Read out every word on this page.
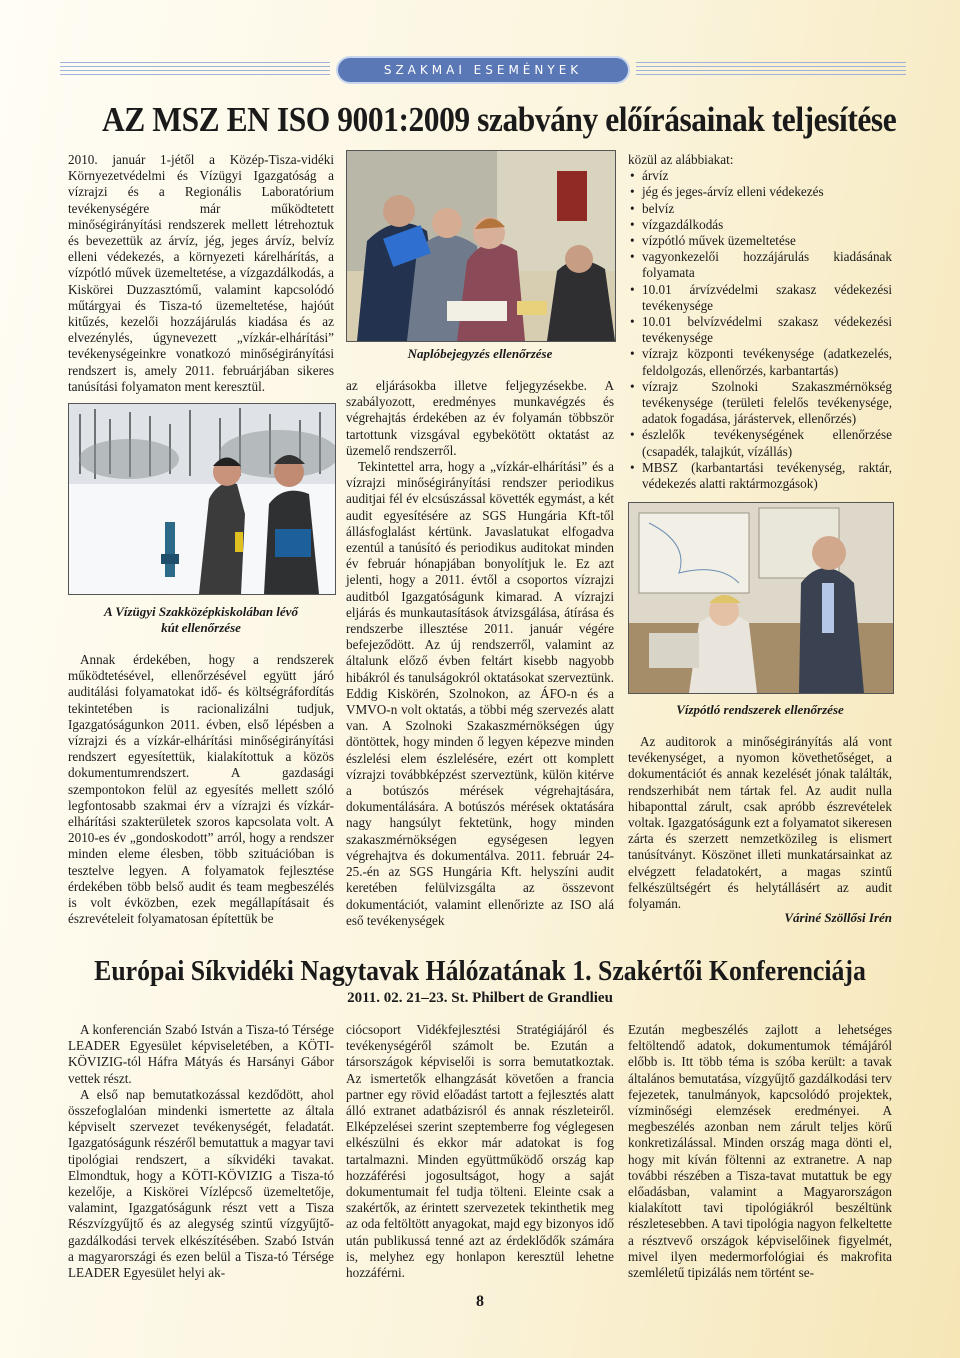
SZAKMAI ESEMÉNYEK
AZ MSZ EN ISO 9001:2009 szabvány előírásainak teljesítése

2010. január 1-jétől a Közép-Tisza-vidéki Környezetvédelmi és Vízügyi Igazgatóság a vízrajzi és a Regionális Laboratórium tevékenységére már működtetett minőségirányítási rendszerek mellett létrehoztuk és bevezettük az árvíz, jég, jeges árvíz, belvíz elleni védekezés, a környezeti kárelhárítás, a vízpótló művek üzemeltetése, a vízgazdálkodás, a Kiskörei Duzzasztómű, valamint kapcsolódó műtárgyai és Tisza-tó üzemeltetése, hajóút kitűzés, kezelői hozzájárulás kiadása és az elvezénylés, úgynevezett „vízkár-elhárítási” tevékenységeinkre vonatkozó minőségirányítási rendszert is, amely 2011. februárjában sikeres tanúsítási folyamaton ment keresztül.

A Vízügyi Szakközépkiskolában lévő
kút ellenőrzése

Annak érdekében, hogy a rendszerek működtetésével, ellenőrzésével együtt járó auditálási folyamatokat idő- és költségráfordítás tekintetében is racionalizálni tudjuk, Igazgatóságunkon 2011. évben, első lépésben a vízrajzi és a vízkár-elhárítási minőségirányítási rendszert egyesítettük, kialakítottuk a közös dokumentumrendszert. A gazdasági szempontokon felül az egyesítés mellett szóló legfontosabb szakmai érv a vízrajzi és vízkár-elhárítási szakterületek szoros kapcsolata volt. A 2010-es év „gondoskodott” arról, hogy a rendszer minden eleme élesben, több szituációban is tesztelve legyen. A folyamatok fejlesztése érdekében több belső audit és team megbeszélés is volt évközben, ezek megállapításait és észrevételeit folyamatosan építettük be

Naplóbejegyzés ellenőrzése

az eljárásokba illetve feljegyzésekbe. A szabályozott, eredményes munkavégzés és végrehajtás érdekében az év folyamán többször tartottunk vizsgával egybekötött oktatást az üzemelő rendszerről.

Tekintettel arra, hogy a „vízkár-elhárítási” és a vízrajzi minőségirányítási rendszer periodikus auditjai fél év elcsúszással követték egymást, a két audit egyesítésére az SGS Hungária Kft-től állásfoglalást kértünk. Javaslatukat elfogadva ezentúl a tanúsító és periodikus auditokat minden év február hónapjában bonyolítjuk le. Ez azt jelenti, hogy a 2011. évtől a csoportos vízrajzi auditból Igazgatóságunk kimarad. A vízrajzi eljárás és munkautasítások átvizsgálása, átírása és rendszerbe illesztése 2011. január végére befejeződött. Az új rendszerről, valamint az általunk előző évben feltárt kisebb nagyobb hibákról és tanulságokról oktatásokat szerveztünk. Eddig Kiskörén, Szolnokon, az ÁFO-n és a VMVO-n volt oktatás, a többi még szervezés alatt van. A Szolnoki Szakaszmérnökségen úgy döntöttek, hogy minden ő legyen képezve minden észlelési elem észlelésére, ezért ott komplett vízrajzi továbbképzést szerveztünk, külön kitérve a botúszós mérések végrehajtására, dokumentálására. A botúszós mérések oktatására nagy hangsúlyt fektetünk, hogy minden szakaszmérnökségen egységesen legyen végrehajtva és dokumentálva. 2011. február 24-25.-én az SGS Hungária Kft. helyszíni audit keretében felülvizsgálta az összevont dokumentációt, valamint ellenőrizte az ISO alá eső tevékenységek

közül az alábbiakat:
• árvíz
• jég és jeges-árvíz elleni védekezés
• belvíz
• vízgazdálkodás
• vízpótló művek üzemeltetése
• vagyonkezelői hozzájárulás kiadásának folyamata
• 10.01 árvízvédelmi szakasz védekezési tevékenysége
• 10.01 belvízvédelmi szakasz védekezési tevékenysége
• vízrajz központi tevékenysége (adatkezelés, feldolgozás, ellenőrzés, karbantartás)
• vízrajz Szolnoki Szakaszmérnökség tevékenysége (területi felelős tevékenysége, adatok fogadása, járástervek, ellenőrzés)
• észlelők tevékenységének ellenőrzése (csapadék, talajkút, vízállás)
• MBSZ (karbantartási tevékenység, raktár, védekezés alatti raktármozgások)
Vízpótló rendszerek ellenőrzése

Az auditorok a minőségirányítás alá vont tevékenységet, a nyomon követhetőséget, a dokumentációt és annak kezelését jónak találták, rendszerhibát nem tártak fel. Az audit nulla hibaponttal zárult, csak apróbb észrevételek voltak. Igazgatóságunk ezt a folyamatot sikeresen zárta és szerzett nemzetközileg is elismert tanúsítványt. Köszönet illeti munkatársainkat az elvégzett feladatokért, a magas szintű felkészültségért és helytállásért az audit folyamán.

Váriné Szöllősi Irén
Európai Síkvidéki Nagytavak Hálózatának 1. Szakértői Konferenciája
2011. 02. 21–23. St. Philbert de Grandlieu

A konferencián Szabó István a Tisza-tó Térsége LEADER Egyesület képviseletében, a KÖTI-KÖVIZIG-tól Háfra Mátyás és Harsányi Gábor vettek részt.

A első nap bemutatkozással kezdődött, ahol összefoglalóan mindenki ismertette az általa képviselt szervezet tevékenységét, feladatát. Igazgatóságunk részéről bemutattuk a magyar tavi tipológiai rendszert, a síkvidéki tavakat. Elmondtuk, hogy a KÖTI-KÖVIZIG a Tisza-tó kezelője, a Kiskörei Vízlépcső üzemeltetője, valamint, Igazgatóságunk részt vett a Tisza Részvízgyűjtő és az alegység szintű vízgyűjtő-gazdálkodási tervek elkészítésében. Szabó István a magyarországi és ezen belül a Tisza-tó Térsége LEADER Egyesület helyi ak-

ciócsoport Vidékfejlesztési Stratégiájáról és tevékenységéről számolt be. Ezután a társországok képviselői is sorra bemutatkoztak. Az ismertetők elhangzását követően a francia partner egy rövid előadást tartott a fejlesztés alatt álló extranet adatbázisról és annak részleteiről. Elképzelései szerint szeptemberre fog véglegesen elkészülni és ekkor már adatokat is fog tartalmazni. Minden együttműködő ország kap hozzáférési jogosultságot, hogy a saját dokumentumait fel tudja tölteni. Eleinte csak a szakértők, az érintett szervezetek tekinthetik meg az oda feltöltött anyagokat, majd egy bizonyos idő után publikussá tenné azt az érdeklődők számára is, melyhez egy honlapon keresztül lehetne hozzáférni.

Ezután megbeszélés zajlott a lehetséges feltöltendő adatok, dokumentumok témájáról előbb is. Itt több téma is szóba került: a tavak általános bemutatása, vízgyűjtő gazdálkodási terv fejezetek, tanulmányok, kapcsolódó projektek, vízminőségi elemzések eredményei. A megbeszélés azonban nem zárult teljes körű konkretizálással. Minden ország maga dönti el, hogy mit kíván föltenni az extranetre. A nap további részében a Tisza-tavat mutattuk be egy előadásban, valamint a Magyarországon kialakított tavi tipológiákról beszéltünk részletesebben. A tavi tipológia nagyon felkeltette a résztvevő országok képviselőinek figyelmét, mivel ilyen medermorfológiai és makrofita szemléletű tipizálás nem történt se-

8
